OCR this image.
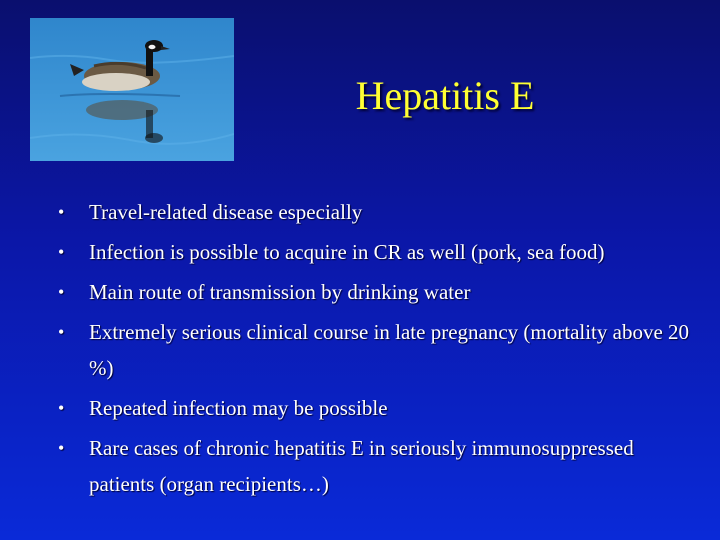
Hepatitis E
• Travel-related disease especially
• Infection is possible to acquire in CR as well (pork, sea food)
• Main route of transmission by drinking water
• Extremely serious clinical course in late pregnancy (mortality above 20 %)
• Repeated infection may be possible
• Rare cases of chronic hepatitis E in seriously immunosuppressed patients (organ recipients…)
